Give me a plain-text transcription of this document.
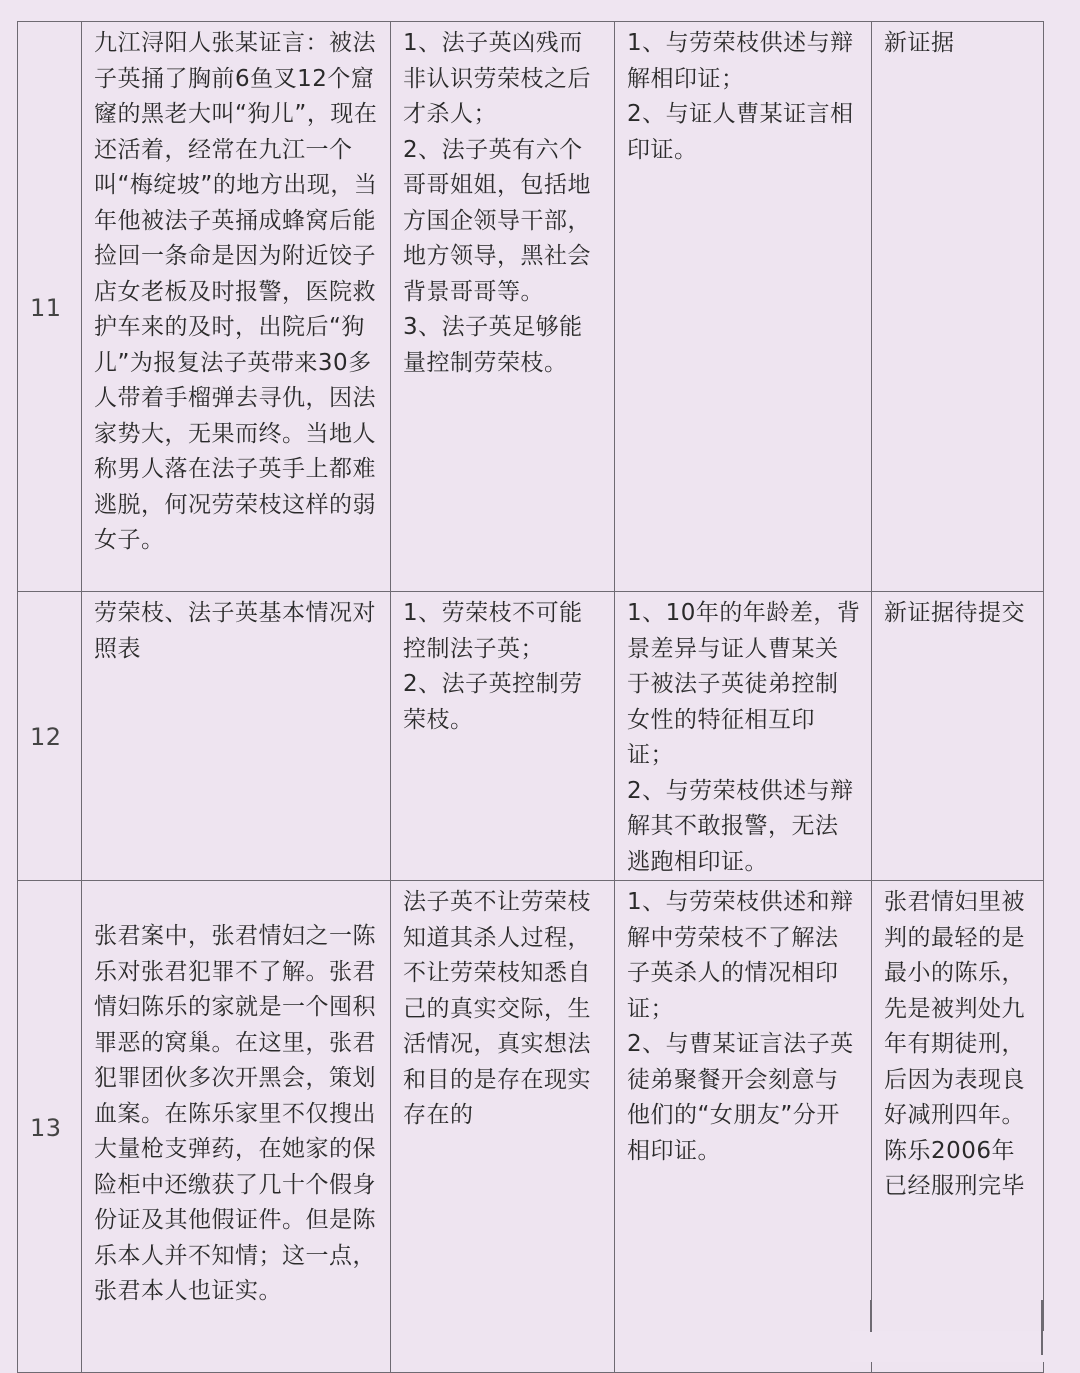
11	九江浔阳人张某证言：被法子英捅了胸前6鱼叉12个窟窿的黑老大叫“狗儿”，现在还活着，经常在九江一个叫“梅绽坡”的地方出现，当年他被法子英捅成蜂窝后能捡回一条命是因为附近饺子店女老板及时报警，医院救护车来的及时，出院后“狗儿”为报复法子英带来30多人带着手榴弹去寻仇，因法家势大，无果而终。当地人称男人落在法子英手上都难逃脱，何况劳荣枝这样的弱女子。	1、法子英凶残而非认识劳荣枝之后才杀人；
2、法子英有六个哥哥姐姐，包括地方国企领导干部，地方领导，黑社会背景哥哥等。
3、法子英足够能量控制劳荣枝。	1、与劳荣枝供述与辩解相印证；
2、与证人曹某证言相印证。	新证据
12	劳荣枝、法子英基本情况对照表	1、劳荣枝不可能控制法子英；
2、法子英控制劳荣枝。	1、10年的年龄差，背景差异与证人曹某关于被法子英徒弟控制女性的特征相互印证；
2、与劳荣枝供述与辩解其不敢报警，无法逃跑相印证。	新证据待提交
13	张君案中，张君情妇之一陈乐对张君犯罪不了解。张君情妇陈乐的家就是一个囤积罪恶的窝巢。在这里，张君犯罪团伙多次开黑会，策划血案。在陈乐家里不仅搜出大量枪支弹药，在她家的保险柜中还缴获了几十个假身份证及其他假证件。但是陈乐本人并不知情；这一点，张君本人也证实。	法子英不让劳荣枝知道其杀人过程，不让劳荣枝知悉自己的真实交际，生活情况，真实想法和目的是存在现实存在的	1、与劳荣枝供述和辩解中劳荣枝不了解法子英杀人的情况相印证；
2、与曹某证言法子英徒弟聚餐开会刻意与他们的“女朋友”分开相印证。	张君情妇里被判的最轻的是最小的陈乐，先是被判处九年有期徒刑，后因为表现良好减刑四年。陈乐2006年已经服刑完毕
